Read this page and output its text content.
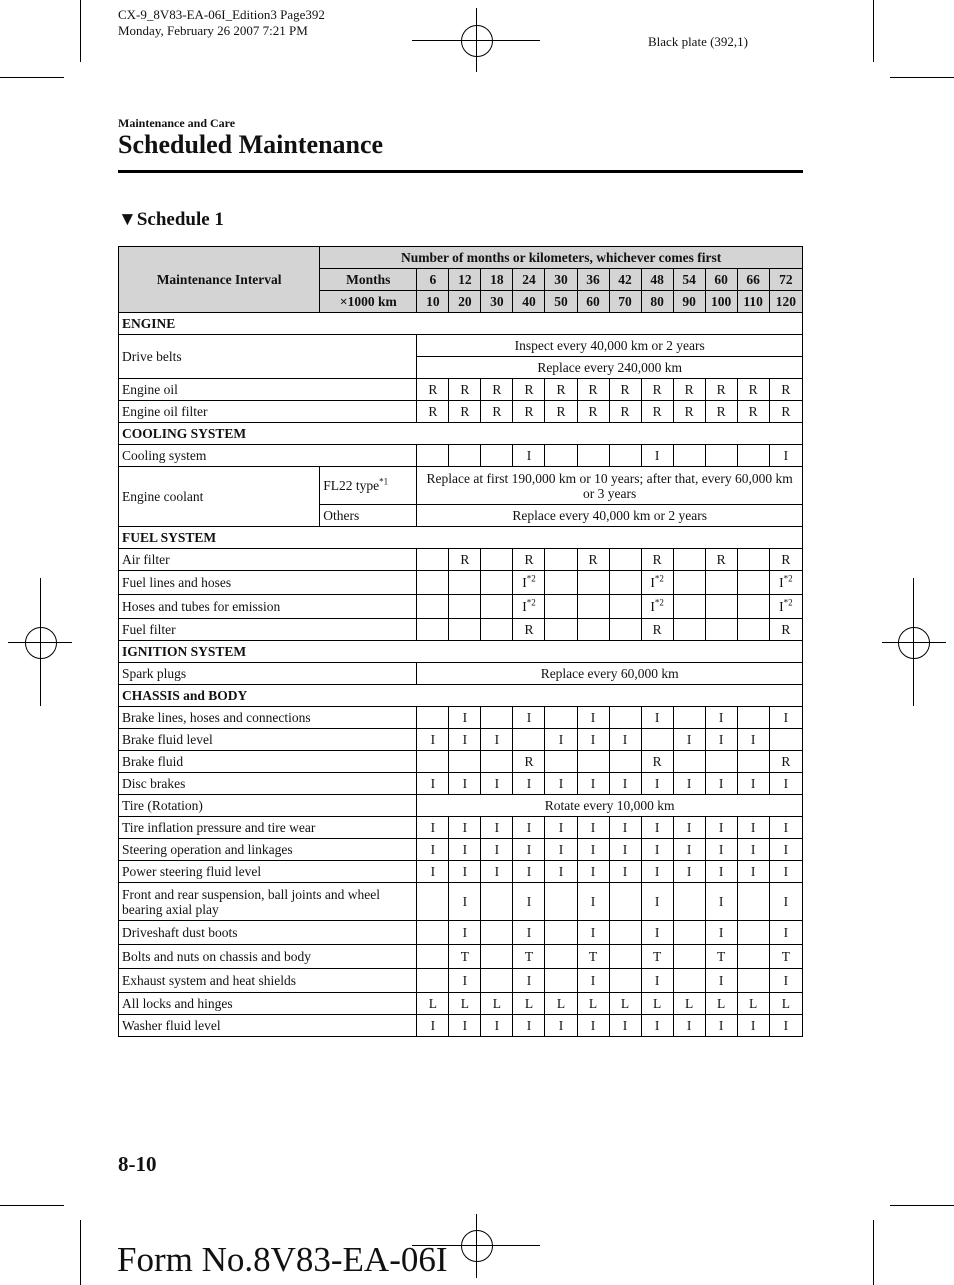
CX-9_8V83-EA-06I_Edition3 Page392
Monday, February 26 2007 7:21 PM
Black plate (392,1)
Maintenance and Care
Scheduled Maintenance
▼Schedule 1
Maintenance Interval	Number of months or kilometers, whichever comes first												
	Months	6	12	18	24	30	36	42	48	54	60	66	72
	×1000 km	10	20	30	40	50	60	70	80	90	100	110	120
ENGINE													
Drive belts		Inspect every 40,000 km or 2 years											
		Replace every 240,000 km											
Engine oil		R	R	R	R	R	R	R	R	R	R	R	R
Engine oil filter		R	R	R	R	R	R	R	R	R	R	R	R
COOLING SYSTEM													
Cooling system					I				I				I
Engine coolant	FL22 type$^{*1}$	Replace at first 190,000 km or 10 years; after that, every 60,000 km or 3 years											
	Others	Replace every 40,000 km or 2 years											
FUEL SYSTEM													
Air filter			R		R		R		R		R		R
Fuel lines and hoses					$I^{*2}$				$I^{*2}$				$I^{*2}$
Hoses and tubes for emission					$I^{*2}$				$I^{*2}$				$I^{*2}$
Fuel filter					R				R				R
IGNITION SYSTEM													
Spark plugs		Replace every 60,000 km											
CHASSIS and BODY													
Brake lines, hoses and connections			I		I		I		I		I		I
Brake fluid level		I	I	I		I	I	I		I	I	I	
Brake fluid					R				R				R
Disc brakes		I	I	I	I	I	I	I	I	I	I	I	I
Tire (Rotation)		Rotate every 10,000 km											
Tire inflation pressure and tire wear		I	I	I	I	I	I	I	I	I	I	I	I
Steering operation and linkages		I	I	I	I	I	I	I	I	I	I	I	I
Power steering fluid level		I	I	I	I	I	I	I	I	I	I	I	I
Front and rear suspension, ball joints and wheel bearing axial play			I		I		I		I		I		I
Driveshaft dust boots			I		I		I		I		I		I
Bolts and nuts on chassis and body			T		T		T		T		T		T
Exhaust system and heat shields			I		I		I		I		I		I
All locks and hinges		L	L	L	L	L	L	L	L	L	L	L	L
Washer fluid level		I	I	I	I	I	I	I	I	I	I	I	I
8-10
Form No.8V83-EA-06I
